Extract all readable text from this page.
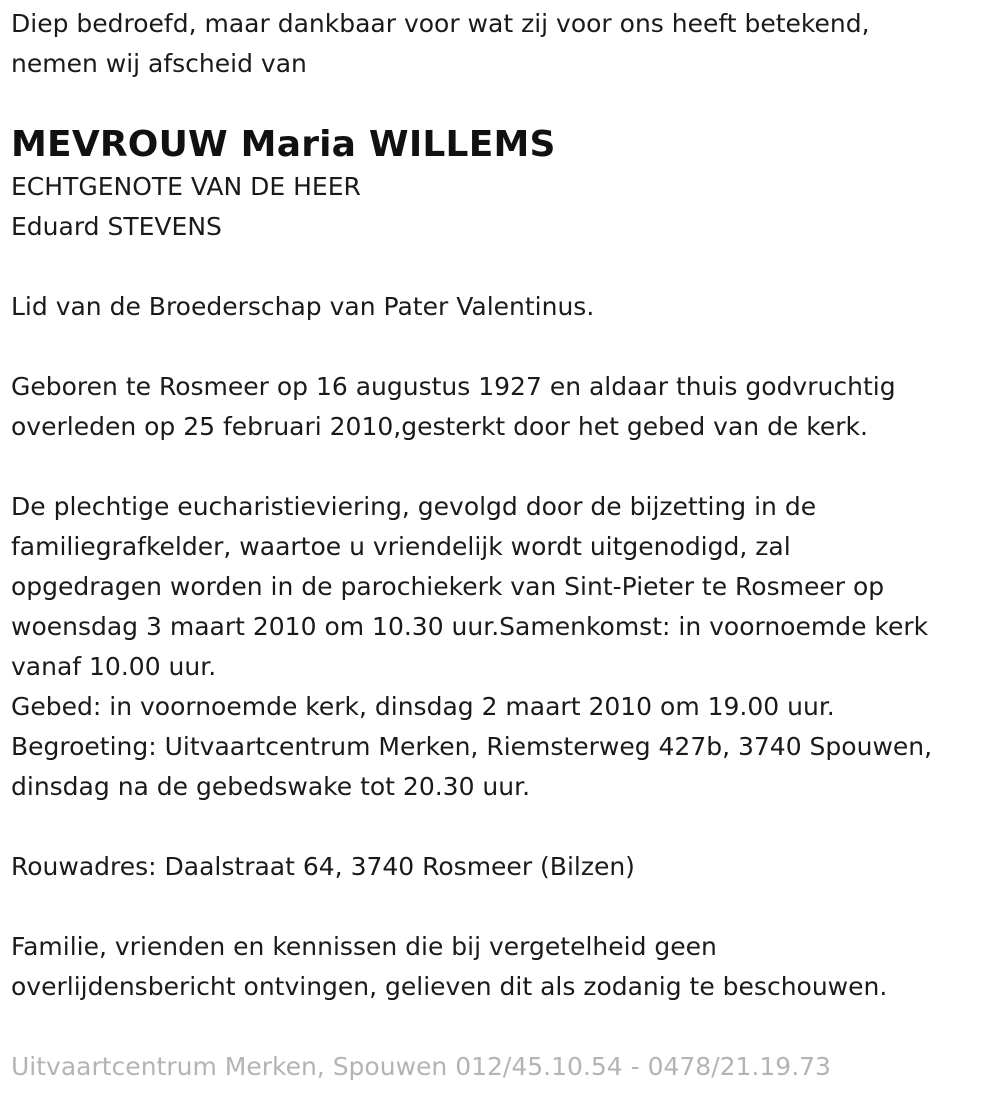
Diep bedroefd, maar dankbaar voor wat zij voor ons heeft betekend,
nemen wij afscheid van
MEVROUW Maria WILLEMS
ECHTGENOTE VAN DE HEER
Eduard STEVENS
Lid van de Broederschap van Pater Valentinus.
Geboren te Rosmeer op 16 augustus 1927 en aldaar thuis godvruchtig
overleden op 25 februari 2010,gesterkt door het gebed van de kerk.
De plechtige eucharistieviering, gevolgd door de bijzetting in de
familiegrafkelder, waartoe u vriendelijk wordt uitgenodigd, zal
opgedragen worden in de parochiekerk van Sint-Pieter te Rosmeer op
woensdag 3 maart 2010 om 10.30 uur.Samenkomst: in voornoemde kerk
vanaf 10.00 uur.
Gebed: in voornoemde kerk, dinsdag 2 maart 2010 om 19.00 uur.
Begroeting: Uitvaartcentrum Merken, Riemsterweg 427b, 3740 Spouwen,
dinsdag na de gebedswake tot 20.30 uur.
Rouwadres: Daalstraat 64, 3740 Rosmeer (Bilzen)
Familie, vrienden en kennissen die bij vergetelheid geen
overlijdensbericht ontvingen, gelieven dit als zodanig te beschouwen.
Uitvaartcentrum Merken, Spouwen 012/45.10.54 - 0478/21.19.73
